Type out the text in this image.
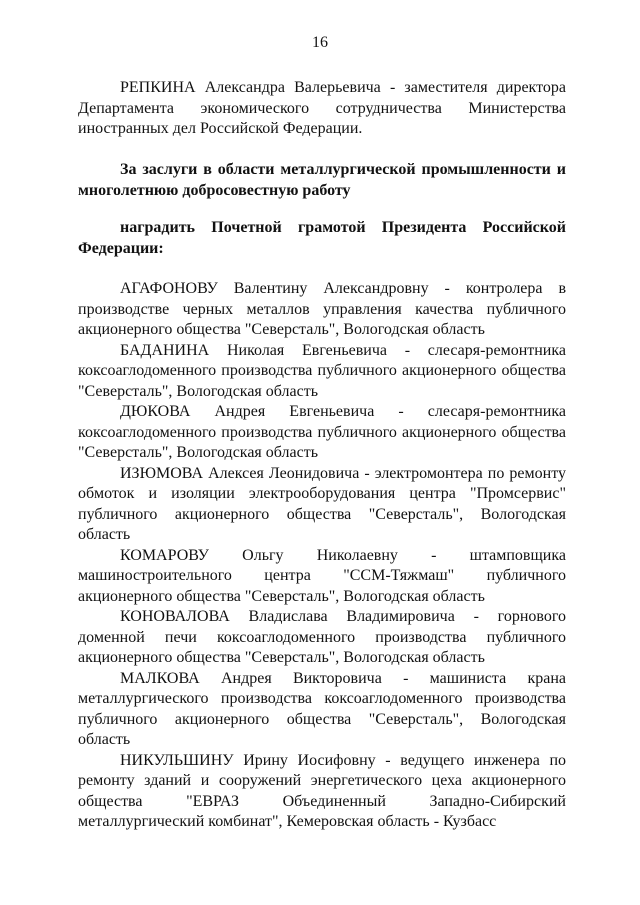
16
РЕПКИНА Александра Валерьевича - заместителя директора Департамента экономического сотрудничества Министерства иностранных дел Российской Федерации.
За заслуги в области металлургической промышленности и многолетнюю добросовестную работу
наградить Почетной грамотой Президента Российской Федерации:

АГАФОНОВУ Валентину Александровну - контролера в производстве черных металлов управления качества публичного акционерного общества "Северсталь", Вологодская область

БАДАНИНА Николая Евгеньевича - слесаря-ремонтника коксоаглодоменного производства публичного акционерного общества "Северсталь", Вологодская область

ДЮКОВА Андрея Евгеньевича - слесаря-ремонтника коксоаглодоменного производства публичного акционерного общества "Северсталь", Вологодская область

ИЗЮМОВА Алексея Леонидовича - электромонтера по ремонту обмоток и изоляции электрооборудования центра "Промсервис" публичного акционерного общества "Северсталь", Вологодская область

КОМАРОВУ Ольгу Николаевну - штамповщика машиностроительного центра "ССМ-Тяжмаш" публичного акционерного общества "Северсталь", Вологодская область

КОНОВАЛОВА Владислава Владимировича - горнового доменной печи коксоаглодоменного производства публичного акционерного общества "Северсталь", Вологодская область

МАЛКОВА Андрея Викторовича - машиниста крана металлургического производства коксоаглодоменного производства публичного акционерного общества "Северсталь", Вологодская область

НИКУЛЬШИНУ Ирину Иосифовну - ведущего инженера по ремонту зданий и сооружений энергетического цеха акционерного общества "ЕВРАЗ Объединенный Западно-Сибирский металлургический комбинат", Кемеровская область - Кузбасс
